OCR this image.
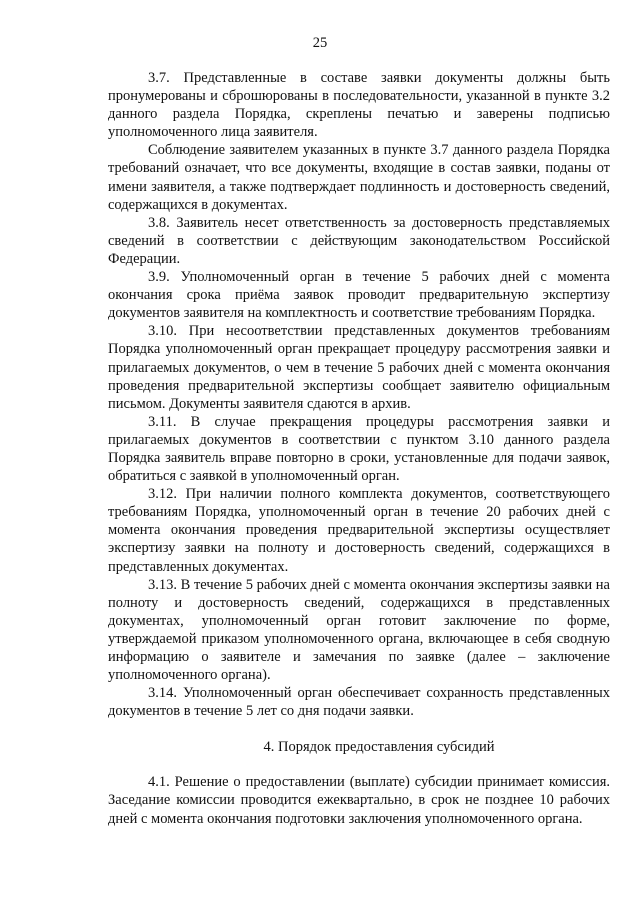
25

3.7. Представленные в составе заявки документы должны быть пронумерованы и сброшюрованы в последовательности, указанной в пункте 3.2 данного раздела Порядка, скреплены печатью и заверены подписью уполномоченного лица заявителя.

Соблюдение заявителем указанных в пункте 3.7 данного раздела Порядка требований означает, что все документы, входящие в состав заявки, поданы от имени заявителя, а также подтверждает подлинность и достоверность сведений, содержащихся в документах.

3.8. Заявитель несет ответственность за достоверность представляемых сведений в соответствии с действующим законодательством Российской Федерации.

3.9. Уполномоченный орган в течение 5 рабочих дней с момента окончания срока приёма заявок проводит предварительную экспертизу документов заявителя на комплектность и соответствие требованиям Порядка.

3.10. При несоответствии представленных документов требованиям Порядка уполномоченный орган прекращает процедуру рассмотрения заявки и прилагаемых документов, о чем в течение 5 рабочих дней с момента окончания проведения предварительной экспертизы сообщает заявителю официальным письмом. Документы заявителя сдаются в архив.

3.11. В случае прекращения процедуры рассмотрения заявки и прилагаемых документов в соответствии с пунктом 3.10 данного раздела Порядка заявитель вправе повторно в сроки, установленные для подачи заявок, обратиться с заявкой в уполномоченный орган.

3.12. При наличии полного комплекта документов, соответствующего требованиям Порядка, уполномоченный орган в течение 20 рабочих дней с момента окончания проведения предварительной экспертизы осуществляет экспертизу заявки на полноту и достоверность сведений, содержащихся в представленных документах.

3.13. В течение 5 рабочих дней с момента окончания экспертизы заявки на полноту и достоверность сведений, содержащихся в представленных документах, уполномоченный орган готовит заключение по форме, утверждаемой приказом уполномоченного органа, включающее в себя сводную информацию о заявителе и замечания по заявке (далее – заключение уполномоченного органа).

3.14. Уполномоченный орган обеспечивает сохранность представленных документов в течение 5 лет со дня подачи заявки.

4. Порядок предоставления субсидий

4.1. Решение о предоставлении (выплате) субсидии принимает комиссия. Заседание комиссии проводится ежеквартально, в срок не позднее 10 рабочих дней с момента окончания подготовки заключения уполномоченного органа.
